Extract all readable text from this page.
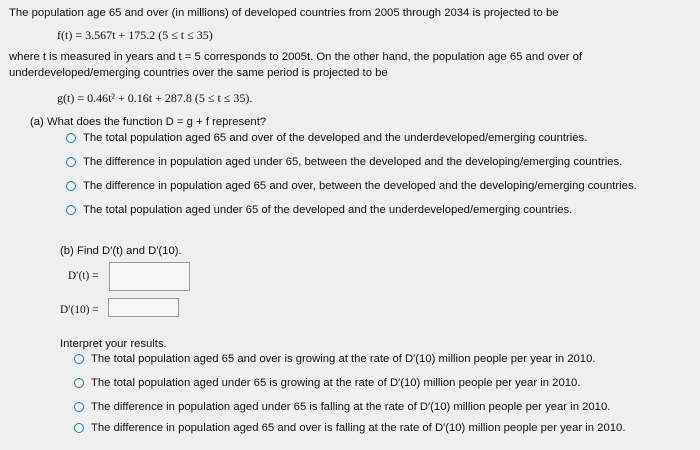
The population age 65 and over (in millions) of developed countries from 2005 through 2034 is projected to be
f(t) = 3.567t + 175.2 (5 ≤ t ≤ 35)
where t is measured in years and t = 5 corresponds to 2005t. On the other hand, the population age 65 and over of
underdeveloped/emerging countries over the same period is projected to be
g(t) = 0.46t² + 0.16t + 287.8 (5 ≤ t ≤ 35).
(a) What does the function D = g + f represent?
The total population aged 65 and over of the developed and the underdeveloped/emerging countries.
The difference in population aged under 65, between the developed and the developing/emerging countries.
The difference in population aged 65 and over, between the developed and the developing/emerging countries.
The total population aged under 65 of the developed and the underdeveloped/emerging countries.
(b) Find D′(t) and D′(10).
D′(t) =
D′(10) =
Interpret your results.
The total population aged 65 and over is growing at the rate of D′(10) million people per year in 2010.
The total population aged under 65 is growing at the rate of D′(10) million people per year in 2010.
The difference in population aged under 65 is falling at the rate of D′(10) million people per year in 2010.
The difference in population aged 65 and over is falling at the rate of D′(10) million people per year in 2010.
